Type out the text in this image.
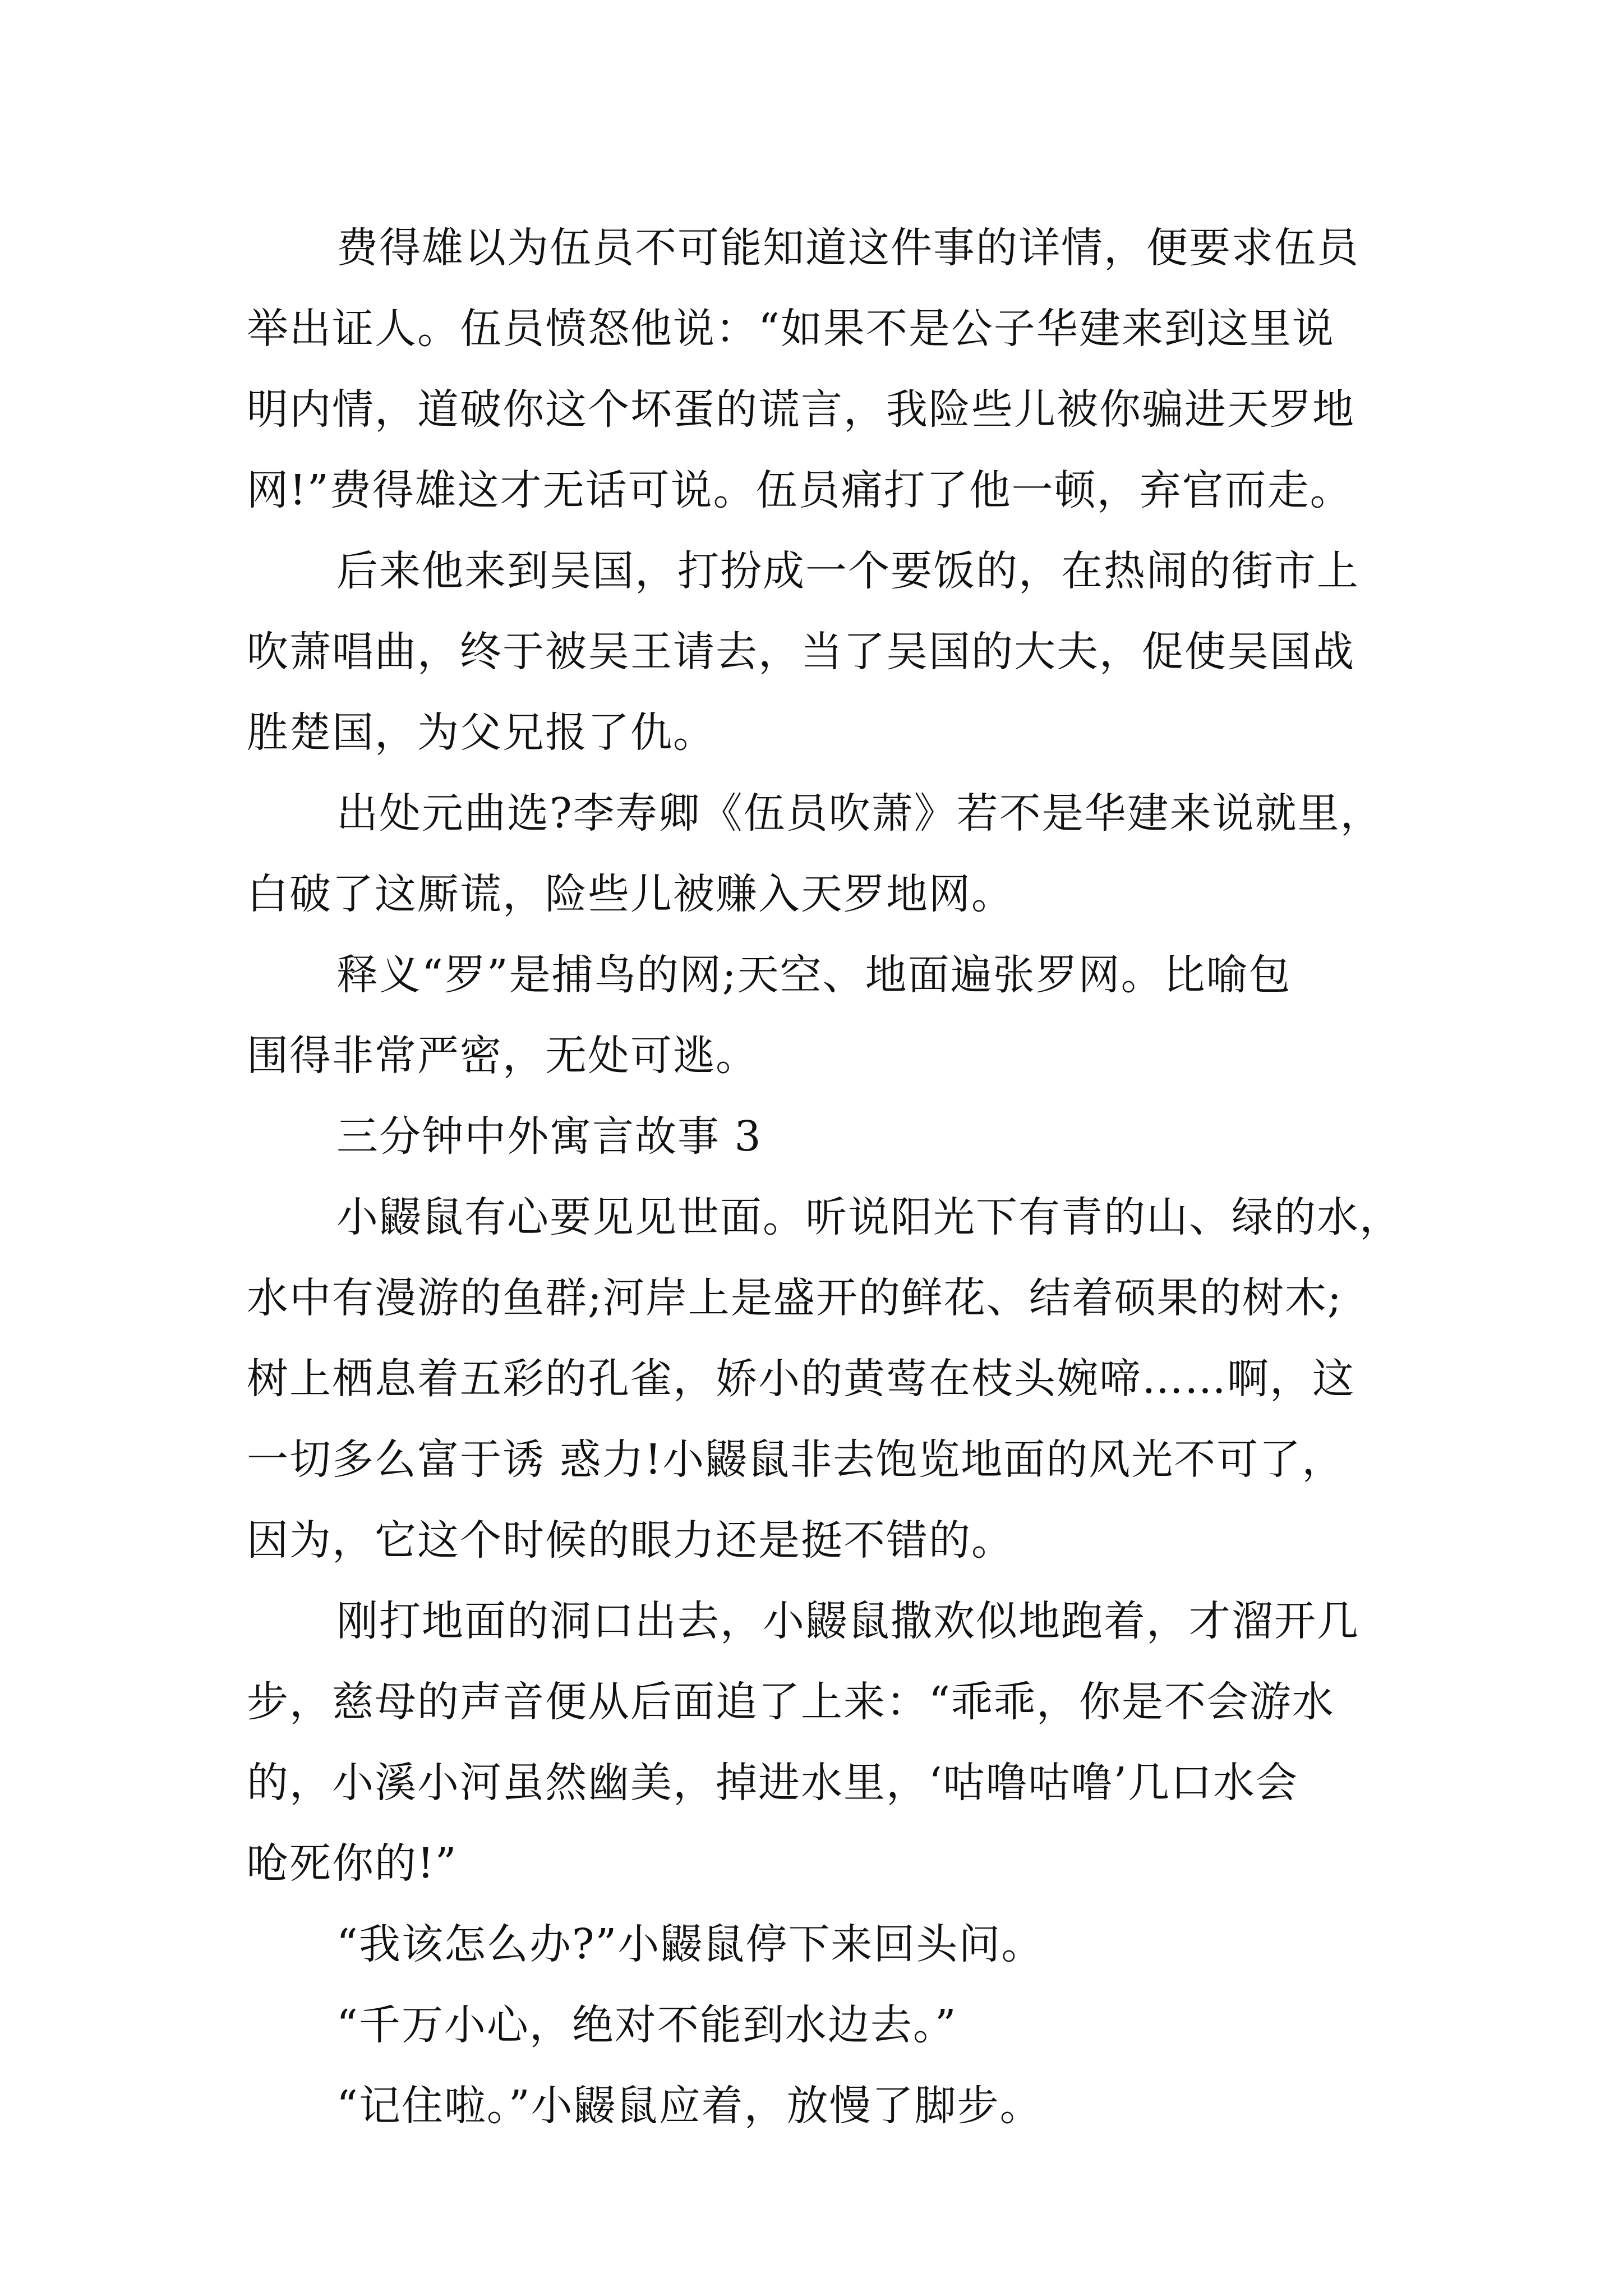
费得雄以为伍员不可能知道这件事的详情，便要求伍员
举出证人。伍员愤怒他说：“如果不是公子华建来到这里说
明内情，道破你这个坏蛋的谎言，我险些儿被你骗进天罗地
网!”费得雄这才无话可说。伍员痛打了他一顿，弃官而走。
后来他来到吴国，打扮成一个要饭的，在热闹的街市上
吹萧唱曲，终于被吴王请去，当了吴国的大夫，促使吴国战
胜楚国，为父兄报了仇。
出处元曲选?李寿卿《伍员吹萧》若不是华建来说就里，
白破了这厮谎，险些儿被赚入天罗地网。
释义“罗”是捕鸟的网;天空、地面遍张罗网。比喻包
围得非常严密，无处可逃。
三分钟中外寓言故事 3
小鼹鼠有心要见见世面。听说阳光下有青的山、绿的水，
水中有漫游的鱼群;河岸上是盛开的鲜花、结着硕果的树木;
树上栖息着五彩的孔雀，娇小的黄莺在枝头婉啼……啊，这
一切多么富于诱 惑力!小鼹鼠非去饱览地面的风光不可了，
因为，它这个时候的眼力还是挺不错的。
刚打地面的洞口出去，小鼹鼠撒欢似地跑着，才溜开几
步，慈母的声音便从后面追了上来：“乖乖，你是不会游水
的，小溪小河虽然幽美，掉进水里，‘咕噜咕噜’几口水会
呛死你的!”
“我该怎么办?”小鼹鼠停下来回头问。
“千万小心，绝对不能到水边去。”
“记住啦。”小鼹鼠应着，放慢了脚步。
